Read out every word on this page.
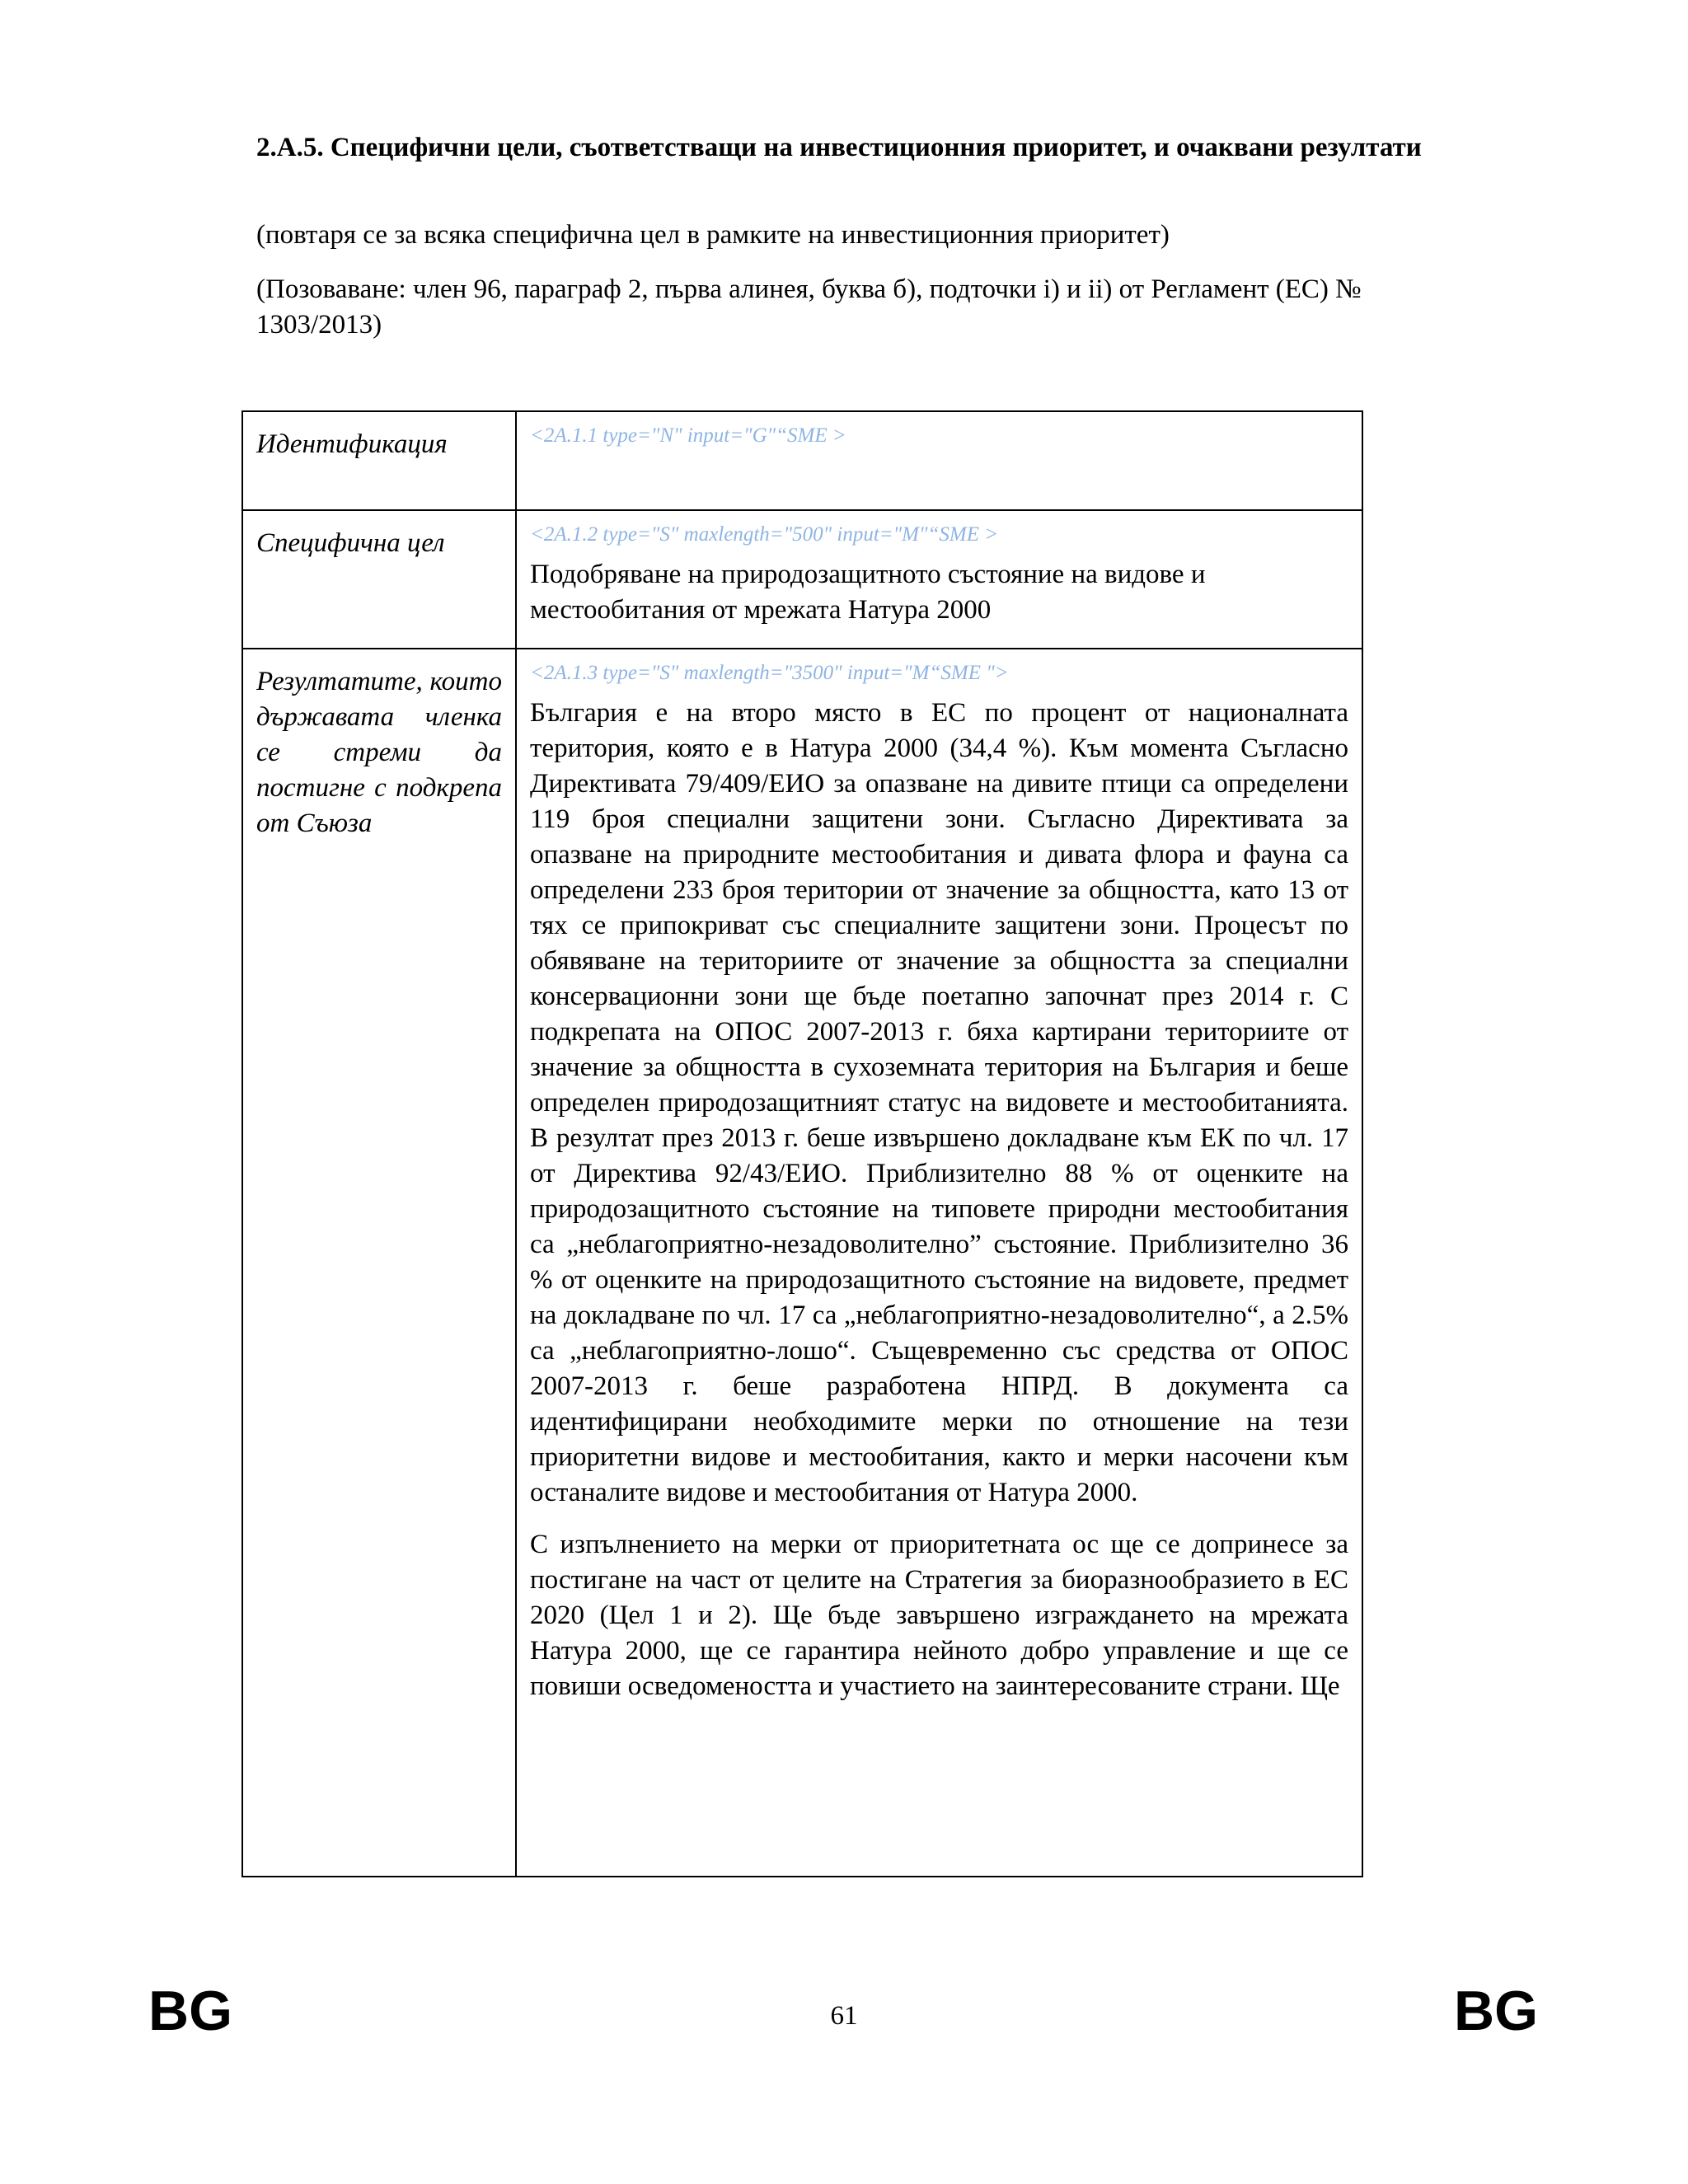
2.A.5. Специфични цели, съответстващи на инвестиционния приоритет, и очаквани резултати

(повтаря се за всяка специфична цел в рамките на инвестиционния приоритет)

(Позоваване: член 96, параграф 2, първа алинея, буква б), подточки i) и ii) от Регламент (ЕС) № 1303/2013)

Идентификация	<2A.1.1 type="N" input="G"“SME >

Специфична цел	<2A.1.2 type="S" maxlength="500" input="M"“SME >
Подобряване на природозащитното състояние на видове и местообитания от мрежата Натура 2000

Резултатите, които държавата членка се стреми да постигне с подкрепа от Съюза	<2A.1.3 type="S" maxlength="3500" input="M“SME ">
България е на второ място в ЕС по процент от националната територия, която е в Натура 2000 (34,4 %). Към момента Съгласно Директивата 79/409/ЕИО за опазване на дивите птици са определени 119 броя специални защитени зони. Съгласно Директивата за опазване на природните местообитания и дивата флора и фауна са определени 233 броя територии от значение за общността, като 13 от тях се припокриват със специалните защитени зони. Процесът по обявяване на териториите от значение за общността за специални консервационни зони ще бъде поетапно започнат през 2014 г. С подкрепата на ОПОС 2007-2013 г. бяха картирани териториите от значение за общността в сухоземната територия на България и беше определен природозащитният статус на видовете и местообитанията. В резултат през 2013 г. беше извършено докладване към ЕК по чл. 17 от Директива 92/43/ЕИО. Приблизително 88 % от оценките на природозащитното състояние на типовете природни местообитания са „неблагоприятно-незадоволително” състояние. Приблизително 36 % от оценките на природозащитното състояние на видовете, предмет на докладване по чл. 17 са „неблагоприятно-незадоволително“, а 2.5% са „неблагоприятно-лошо“. Същевременно със средства от ОПОС 2007-2013 г. беше разработена НПРД. В документа са идентифицирани необходимите мерки по отношение на тези приоритетни видове и местообитания, както и мерки насочени към останалите видове и местообитания от Натура 2000.
С изпълнението на мерки от приоритетната ос ще се допринесе за постигане на част от целите на Стратегия за биоразнообразието в ЕС 2020 (Цел 1 и 2). Ще бъде завършено изграждането на мрежата Натура 2000, ще се гарантира нейното добро управление и ще се повиши осведомеността и участието на заинтересованите страни. Ще
BG	61	BG
